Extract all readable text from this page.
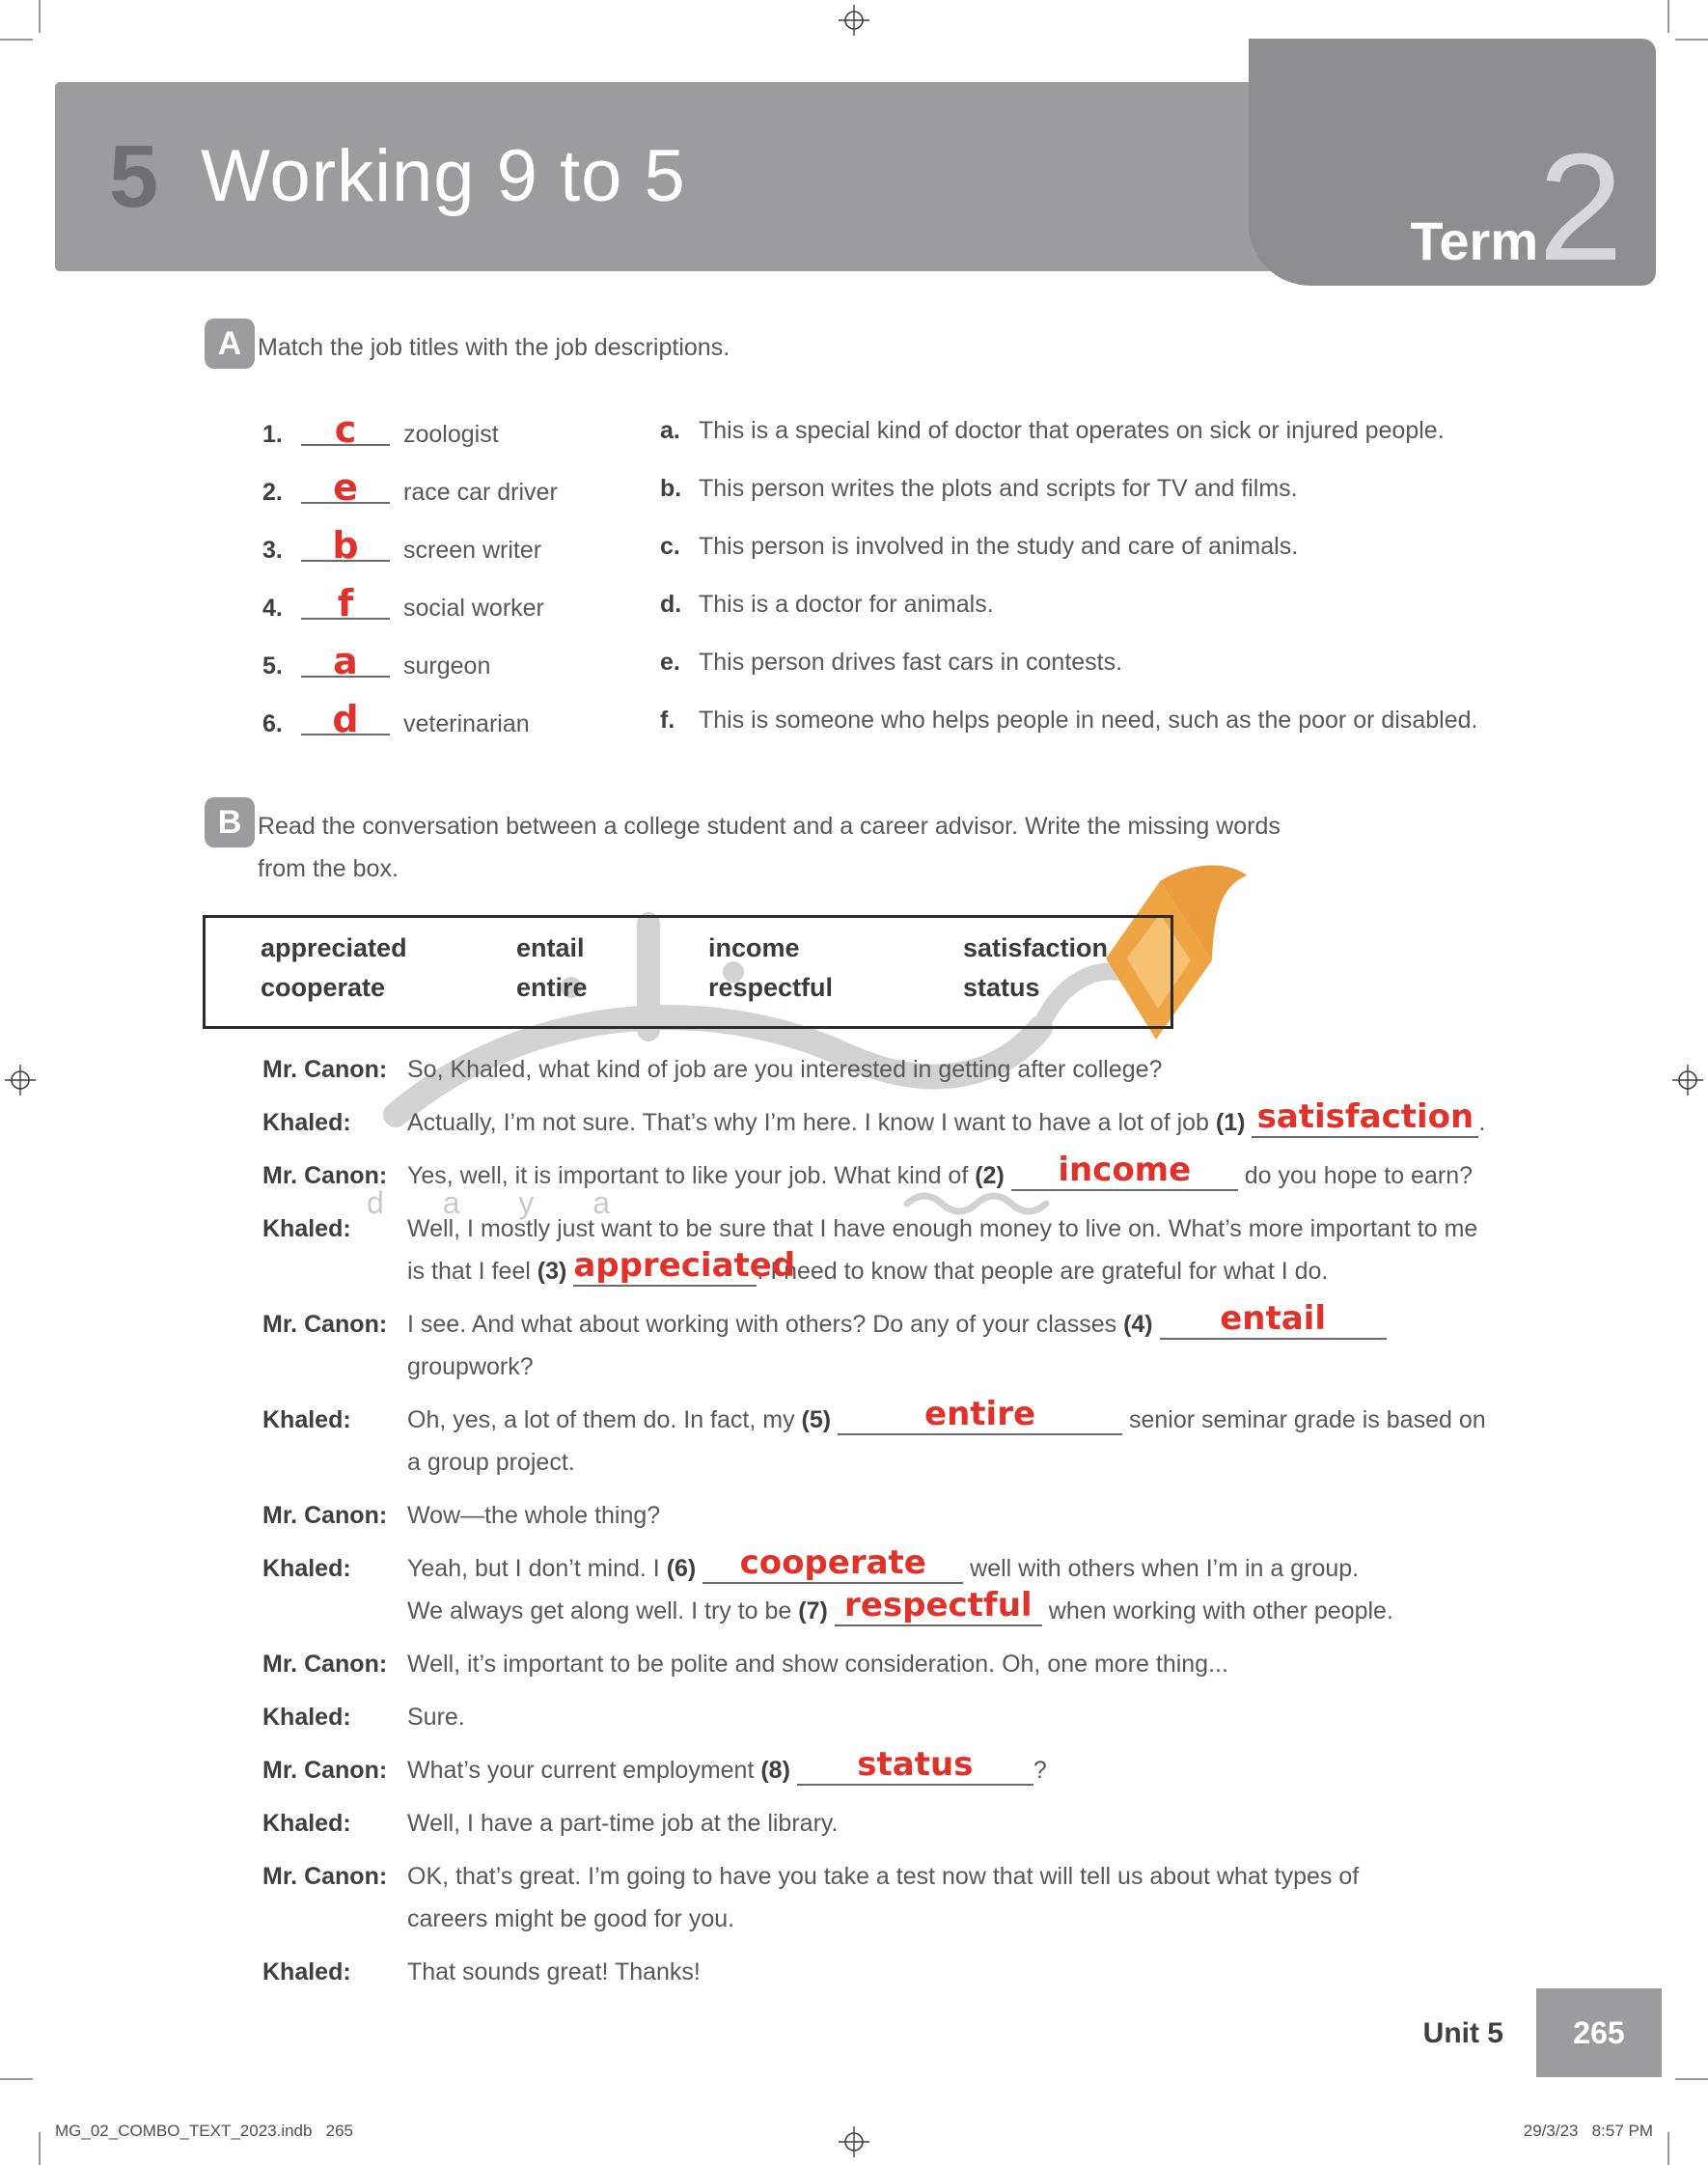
d a y a
5 Working 9 to 5
Term 2
A Match the job titles with the job descriptions.
1. c zoologist	a. This is a special kind of doctor that operates on sick or injured people.
2. e race car driver	b. This person writes the plots and scripts for TV and films.
3. b screen writer	c. This person is involved in the study and care of animals.
4. f social worker	d. This is a doctor for animals.
5. a surgeon	e. This person drives fast cars in contests.
6. d veterinarian	f. This is someone who helps people in need, such as the poor or disabled.
B Read the conversation between a college student and a career advisor. Write the missing words
from the box.
appreciated	entail	income	satisfaction
cooperate	entire	respectful	status
Mr. Canon: So, Khaled, what kind of job are you interested in getting after college?
Khaled:	Actually, I’m not sure. That’s why I’m here. I know I want to have a lot of job (1) satisfaction .
Mr. Canon: Yes, well, it is important to like your job. What kind of (2) income do you hope to earn?
Khaled:	Well, I mostly just want to be sure that I have enough money to live on. What’s more important to me
is that I feel (3) appreciated. I need to know that people are grateful for what I do.
Mr. Canon: I see. And what about working with others? Do any of your classes (4) entail
groupwork?
Khaled:	Oh, yes, a lot of them do. In fact, my (5)	entire	senior seminar grade is based on
a group project.
Mr. Canon: Wow—the whole thing?
Khaled:	Yeah, but I don’t mind. I (6) cooperate well with others when I’m in a group.
We always get along well. I try to be (7) respectful when working with other people.
Mr. Canon: Well, it’s important to be polite and show consideration. Oh, one more thing...
Khaled:	Sure.
Mr. Canon: What’s your current employment (8) status ?
Khaled:	Well, I have a part-time job at the library.
Mr. Canon: OK, that’s great. I’m going to have you take a test now that will tell us about what types of
careers might be good for you.
Khaled:	That sounds great! Thanks!
Unit 5 265
MG_02_COMBO_TEXT_2023.indb   265	29/3/23   8:57 PM
